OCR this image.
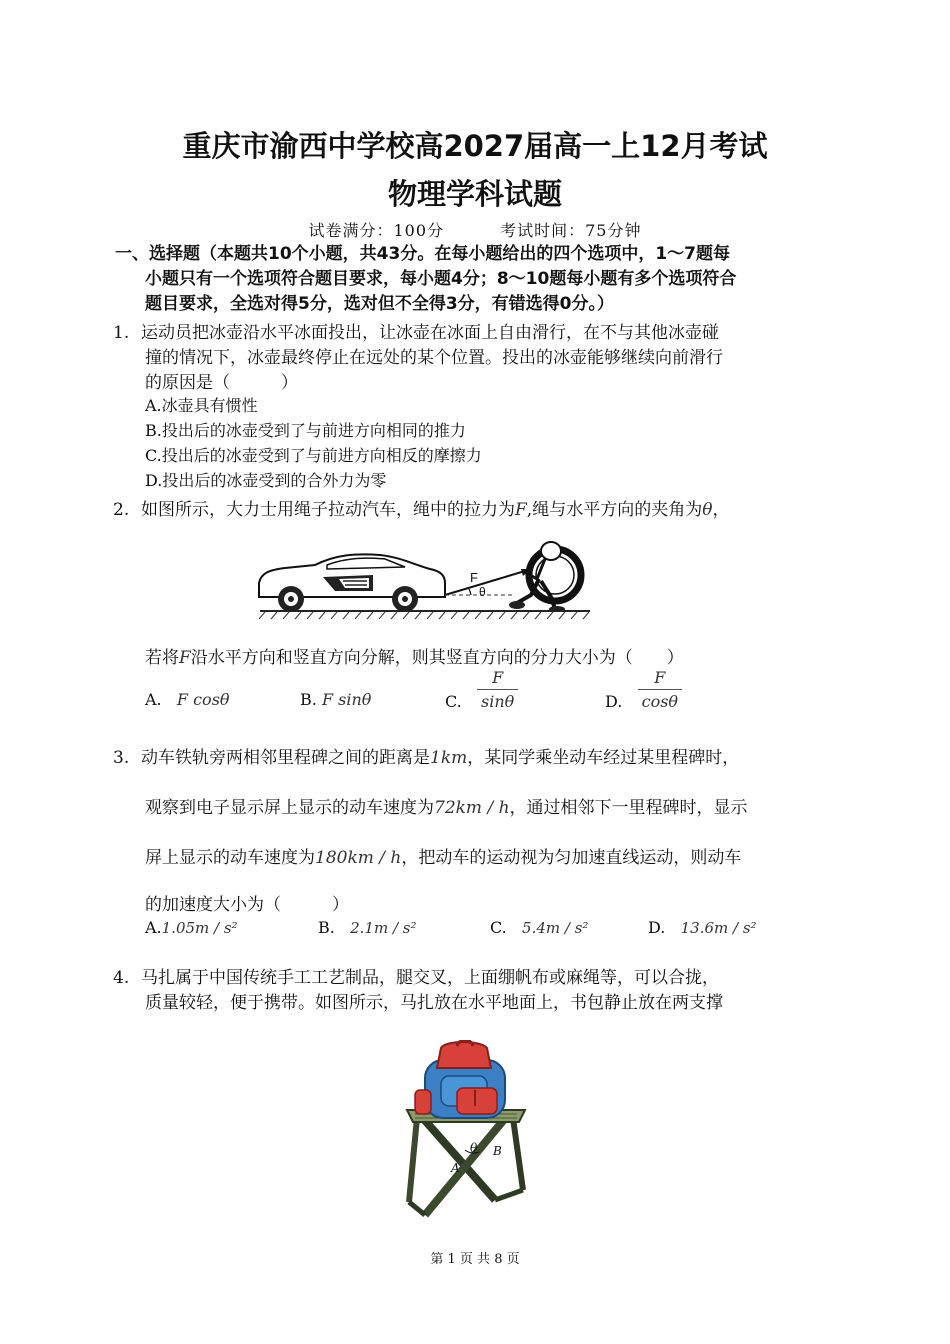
重庆市渝西中学校高2027届高一上12月考试
物理学科试题
试卷满分：100分	考试时间：75分钟
一、选择题（本题共10个小题，共43分。在每小题给出的四个选项中，1～7题每
小题只有一个选项符合题目要求，每小题4分；8～10题每小题有多个选项符合
题目要求，全选对得5分，选对但不全得3分，有错选得0分。）
1. 运动员把冰壶沿水平冰面投出，让冰壶在冰面上自由滑行，在不与其他冰壶碰
撞的情况下，冰壶最终停止在远处的某个位置。投出的冰壶能够继续向前滑行
的原因是（　　　）
A.冰壶具有惯性
B.投出后的冰壶受到了与前进方向相同的推力
C.投出后的冰壶受到了与前进方向相反的摩擦力
D.投出后的冰壶受到的合外力为零
2. 如图所示，大力士用绳子拉动汽车，绳中的拉力为F,绳与水平方向的夹角为θ，
F
θ
若将F沿水平方向和竖直方向分解，则其竖直方向的分力大小为（　　）
A. F cosθ	B. F sinθ	C. $\frac{F}{\sin\theta}$	D. $\frac{F}{\cos\theta}$
3. 动车铁轨旁两相邻里程碑之间的距离是1km，某同学乘坐动车经过某里程碑时，
观察到电子显示屏上显示的动车速度为72km / h，通过相邻下一里程碑时，显示
屏上显示的动车速度为180km / h，把动车的运动视为匀加速直线运动，则动车
的加速度大小为（　　　）
A.1.05m / s²	B. 2.1m / s²	C. 5.4m / s²	D. 13.6m / s²
4. 马扎属于中国传统手工工艺制品，腿交叉，上面绷帆布或麻绳等，可以合拢，
质量较轻，便于携带。如图所示，马扎放在水平地面上，书包静止放在两支撑
θ
A
B
第 1 页 共 8 页
